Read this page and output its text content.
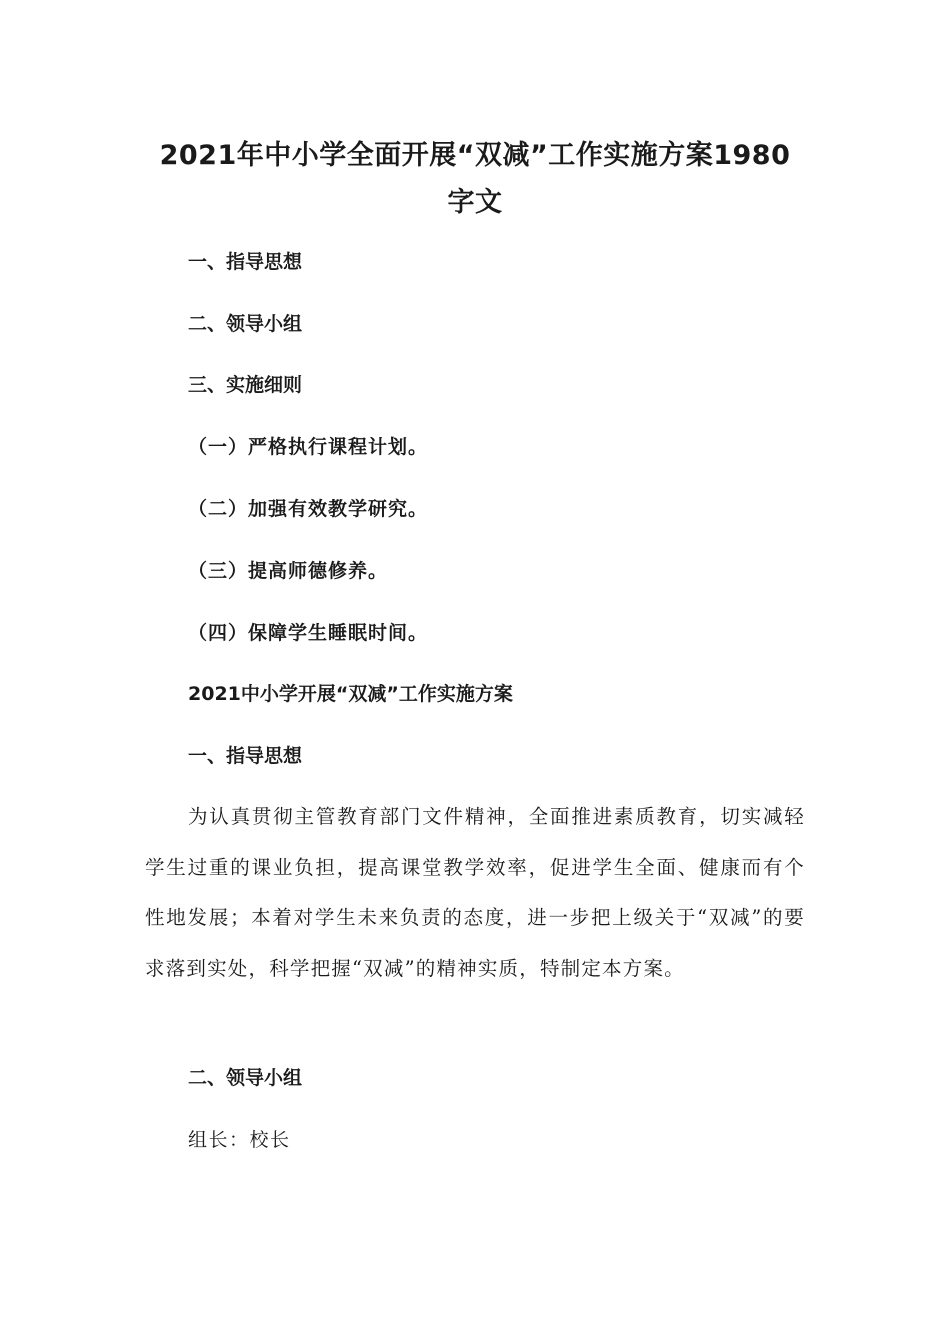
2021年中小学全面开展“双减”工作实施方案1980
字文

一、指导思想

二、领导小组

三、实施细则

（一）严格执行课程计划。

（二）加强有效教学研究。

（三）提高师德修养。

（四）保障学生睡眠时间。

2021中小学开展“双减”工作实施方案

一、指导思想

为认真贯彻主管教育部门文件精神，全面推进素质教育，切实减轻学生过重的课业负担，提高课堂教学效率，促进学生全面、健康而有个性地发展；本着对学生未来负责的态度，进一步把上级关于“双减”的要求落到实处，科学把握“双减”的精神实质，特制定本方案。

二、领导小组

组长：校长
